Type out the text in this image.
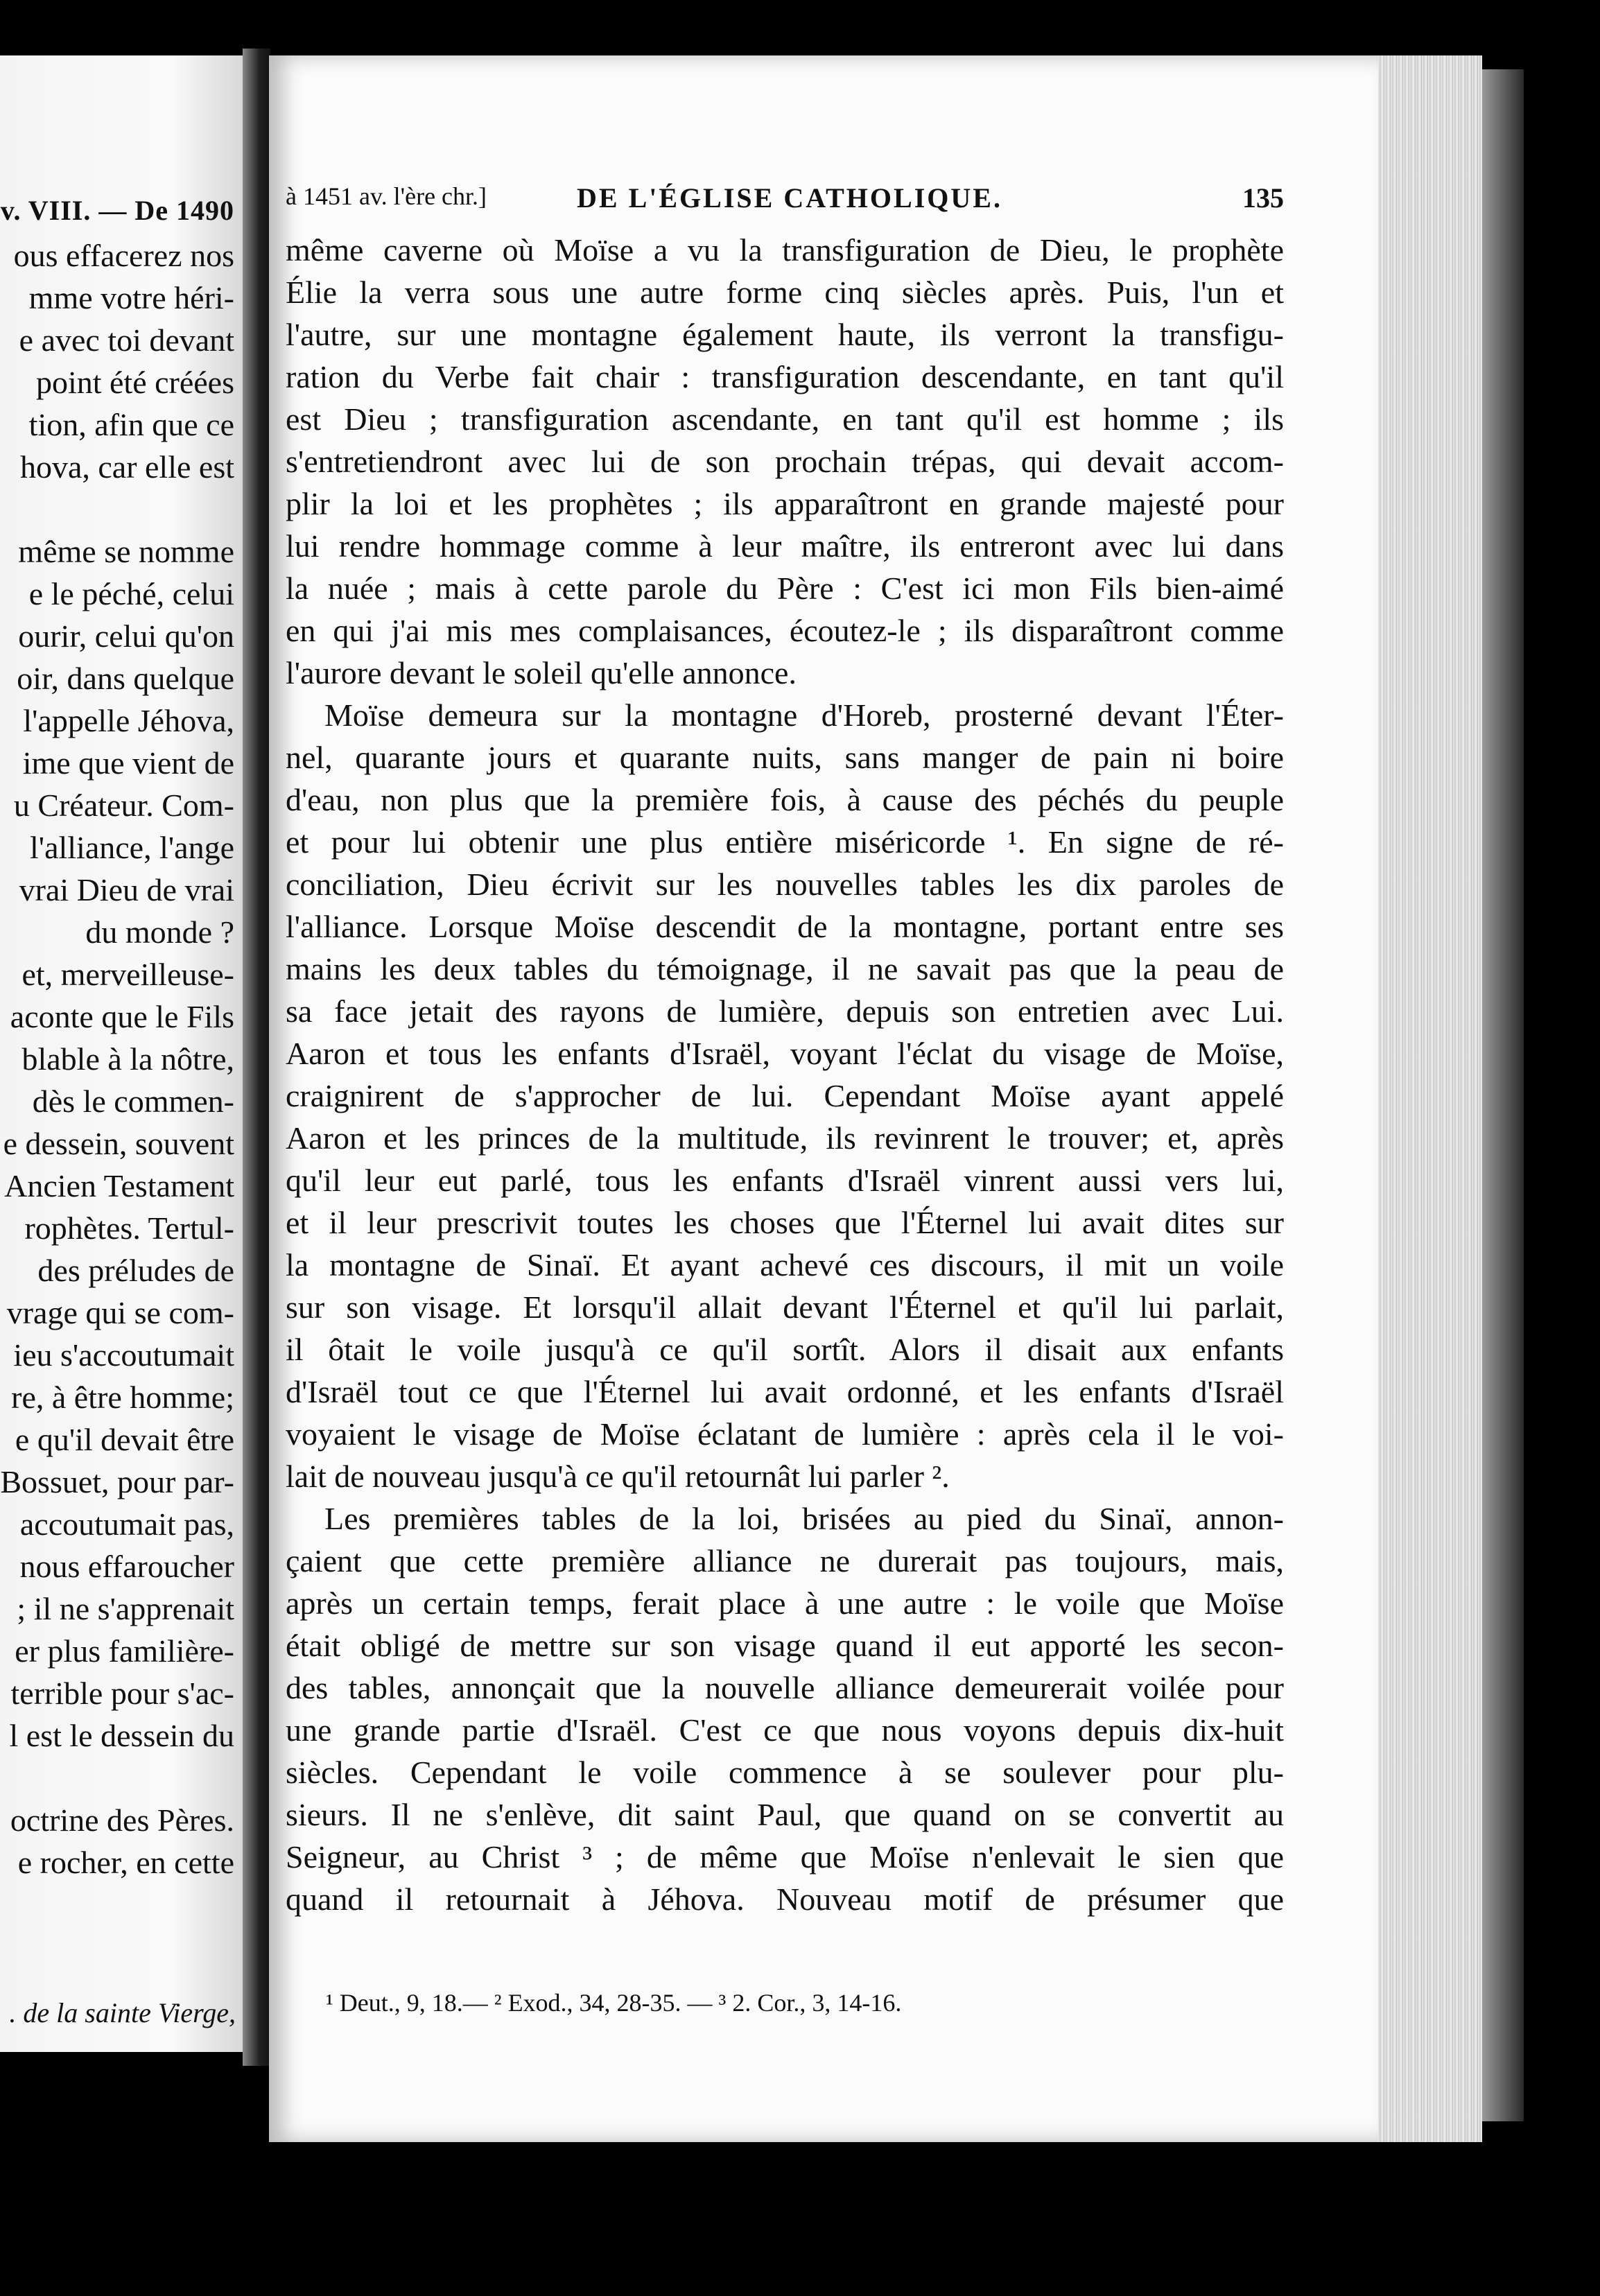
v. VIII. — De 1490
ous effacerez nos
mme votre héri-
e avec toi devant
point été créées
tion, afin que ce
hova, car elle est
même se nomme
e le péché, celui
ourir, celui qu'on
oir, dans quelque
l'appelle Jéhova,
ime que vient de
u Créateur. Com-
l'alliance, l'ange
vrai Dieu de vrai
du monde ?
et, merveilleuse-
aconte que le Fils
blable à la nôtre,
dès le commen-
e dessein, souvent
Ancien Testament
rophètes. Tertul-
des préludes de
vrage qui se com-
ieu s'accoutumait
re, à être homme;
e qu'il devait être
Bossuet, pour par-
accoutumait pas,
nous effaroucher
; il ne s'apprenait
er plus familière-
terrible pour s'ac-
l est le dessein du
octrine des Pères.
e rocher, en cette
. de la sainte Vierge,
à 1451 av. l'ère chr.]	DE L'ÉGLISE CATHOLIQUE.	135
même caverne où Moïse a vu la transfiguration de Dieu, le prophète
Élie la verra sous une autre forme cinq siècles après. Puis, l'un et
l'autre, sur une montagne également haute, ils verront la transfigu-
ration du Verbe fait chair : transfiguration descendante, en tant qu'il
est Dieu ; transfiguration ascendante, en tant qu'il est homme ; ils
s'entretiendront avec lui de son prochain trépas, qui devait accom-
plir la loi et les prophètes ; ils apparaîtront en grande majesté pour
lui rendre hommage comme à leur maître, ils entreront avec lui dans
la nuée ; mais à cette parole du Père : C'est ici mon Fils bien-aimé
en qui j'ai mis mes complaisances, écoutez-le ; ils disparaîtront comme
l'aurore devant le soleil qu'elle annonce.
Moïse demeura sur la montagne d'Horeb, prosterné devant l'Éter-
nel, quarante jours et quarante nuits, sans manger de pain ni boire
d'eau, non plus que la première fois, à cause des péchés du peuple
et pour lui obtenir une plus entière miséricorde ¹. En signe de ré-
conciliation, Dieu écrivit sur les nouvelles tables les dix paroles de
l'alliance. Lorsque Moïse descendit de la montagne, portant entre ses
mains les deux tables du témoignage, il ne savait pas que la peau de
sa face jetait des rayons de lumière, depuis son entretien avec Lui.
Aaron et tous les enfants d'Israël, voyant l'éclat du visage de Moïse,
craignirent de s'approcher de lui. Cependant Moïse ayant appelé
Aaron et les princes de la multitude, ils revinrent le trouver; et, après
qu'il leur eut parlé, tous les enfants d'Israël vinrent aussi vers lui,
et il leur prescrivit toutes les choses que l'Éternel lui avait dites sur
la montagne de Sinaï. Et ayant achevé ces discours, il mit un voile
sur son visage. Et lorsqu'il allait devant l'Éternel et qu'il lui parlait,
il ôtait le voile jusqu'à ce qu'il sortît. Alors il disait aux enfants
d'Israël tout ce que l'Éternel lui avait ordonné, et les enfants d'Israël
voyaient le visage de Moïse éclatant de lumière : après cela il le voi-
lait de nouveau jusqu'à ce qu'il retournât lui parler ².
Les premières tables de la loi, brisées au pied du Sinaï, annon-
çaient que cette première alliance ne durerait pas toujours, mais,
après un certain temps, ferait place à une autre : le voile que Moïse
était obligé de mettre sur son visage quand il eut apporté les secon-
des tables, annonçait que la nouvelle alliance demeurerait voilée pour
une grande partie d'Israël. C'est ce que nous voyons depuis dix-huit
siècles. Cependant le voile commence à se soulever pour plu-
sieurs. Il ne s'enlève, dit saint Paul, que quand on se convertit au
Seigneur, au Christ ³ ; de même que Moïse n'enlevait le sien que
quand il retournait à Jéhova. Nouveau motif de présumer que
¹ Deut., 9, 18.— ² Exod., 34, 28-35. — ³ 2. Cor., 3, 14-16.
